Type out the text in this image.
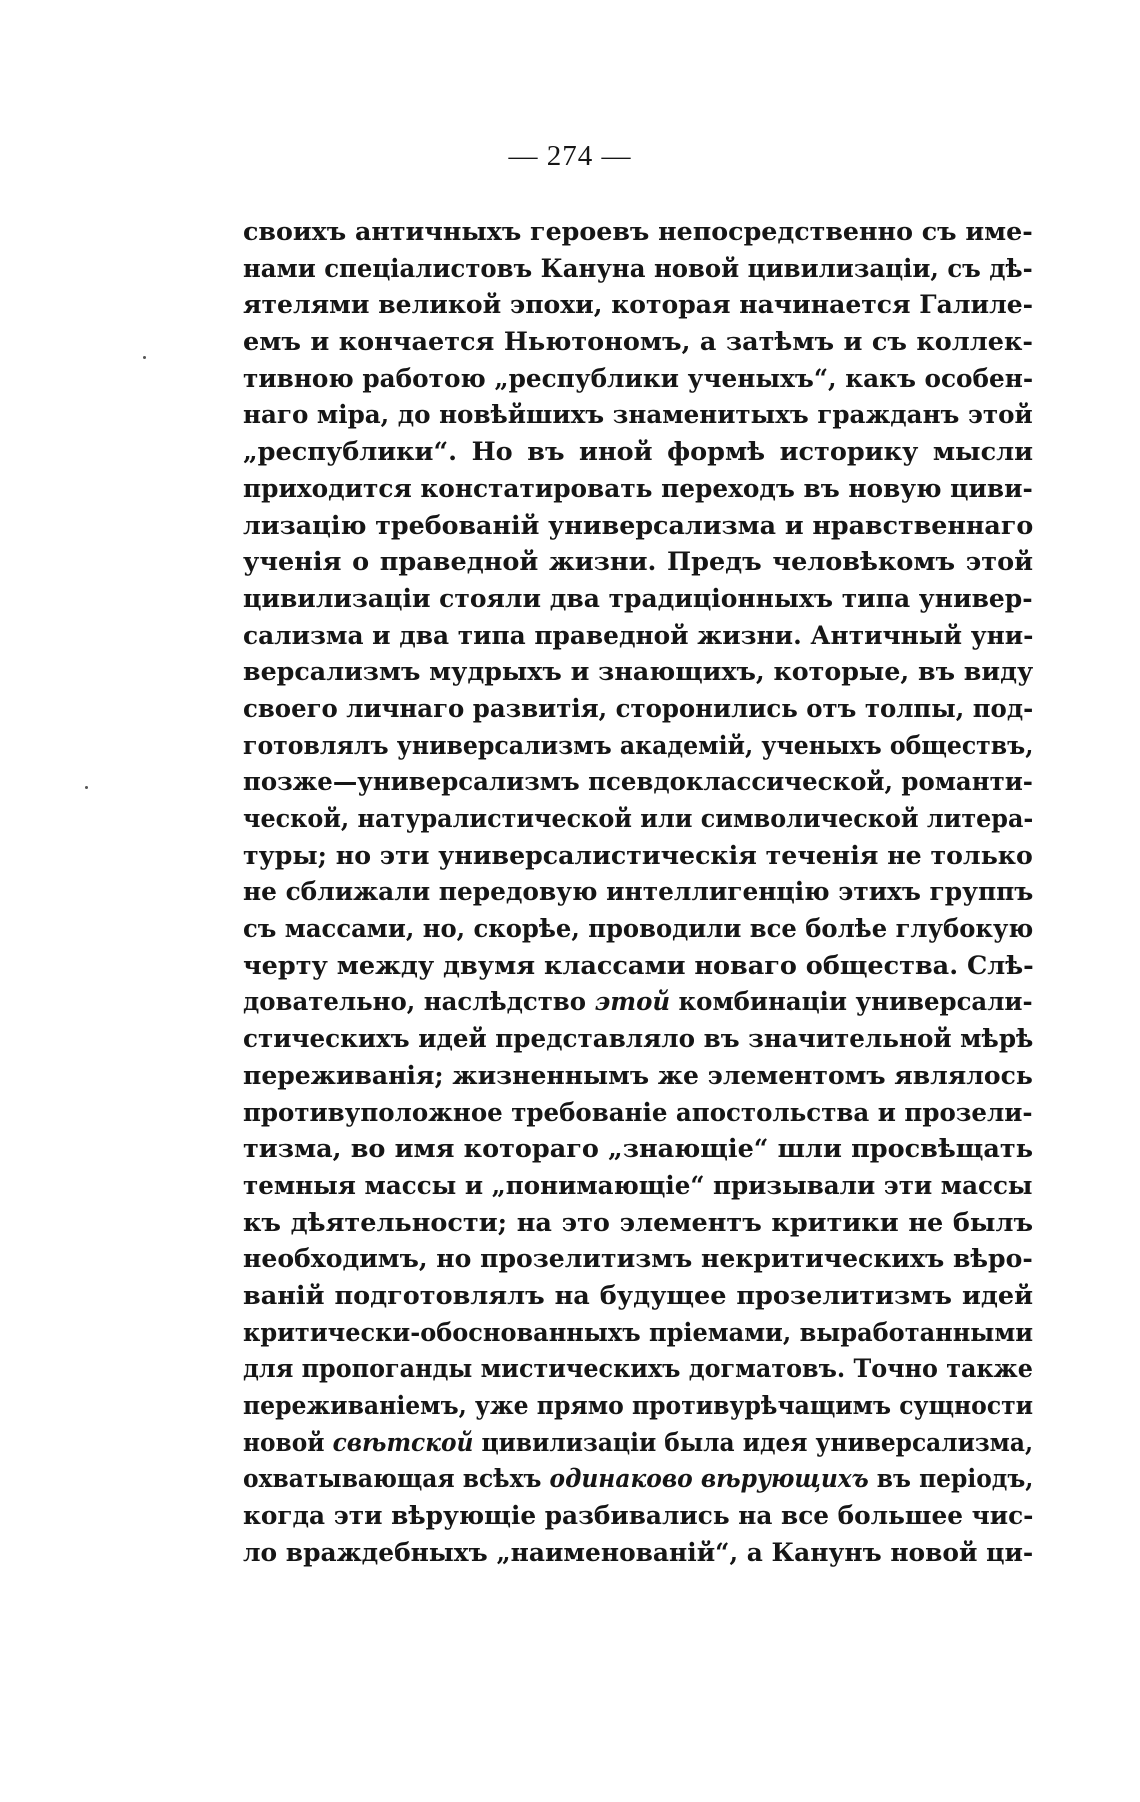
— 274 —
своихъ античныхъ героевъ непосредственно съ име-
нами спеціалистовъ Кануна новой цивилизаціи, съ дѣ-
ятелями великой эпохи, которая начинается Галиле-
емъ и кончается Ньютономъ, а затѣмъ и съ коллек-
тивною работою „республики ученыхъ“, какъ особен-
наго міра, до новѣйшихъ знаменитыхъ гражданъ этой
„республики“. Но въ иной формѣ историку мысли
приходится констатировать переходъ въ новую циви-
лизацію требованій универсализма и нравственнаго
ученія о праведной жизни. Предъ человѣкомъ этой
цивилизаціи стояли два традиціонныхъ типа универ-
сализма и два типа праведной жизни. Античный уни-
версализмъ мудрыхъ и знающихъ, которые, въ виду
своего личнаго развитія, сторонились отъ толпы, под-
готовлялъ универсализмъ академій, ученыхъ обществъ,
позже—универсализмъ псевдоклассической, романти-
ческой, натуралистической или символической литера-
туры; но эти универсалистическія теченія не только
не сближали передовую интеллигенцію этихъ группъ
съ массами, но, скорѣе, проводили все болѣе глубокую
черту между двумя классами новаго общества. Слѣ-
довательно, наслѣдство этой комбинаціи универсали-
стическихъ идей представляло въ значительной мѣрѣ
переживанія; жизненнымъ же элементомъ являлось
противуположное требованіе апостольства и прозели-
тизма, во имя котораго „знающіе“ шли просвѣщать
темныя массы и „понимающіе“ призывали эти массы
къ дѣятельности; на это элементъ критики не былъ
необходимъ, но прозелитизмъ некритическихъ вѣро-
ваній подготовлялъ на будущее прозелитизмъ идей
критически-обоснованныхъ пріемами, выработанными
для пропоганды мистическихъ догматовъ. Точно также
переживаніемъ, уже прямо противурѣчащимъ сущности
новой свѣтской цивилизаціи была идея универсализма,
охватывающая всѣхъ одинаково вѣрующихъ въ періодъ,
когда эти вѣрующіе разбивались на все большее чис-
ло враждебныхъ „наименованій“, а Канунъ новой ци-
